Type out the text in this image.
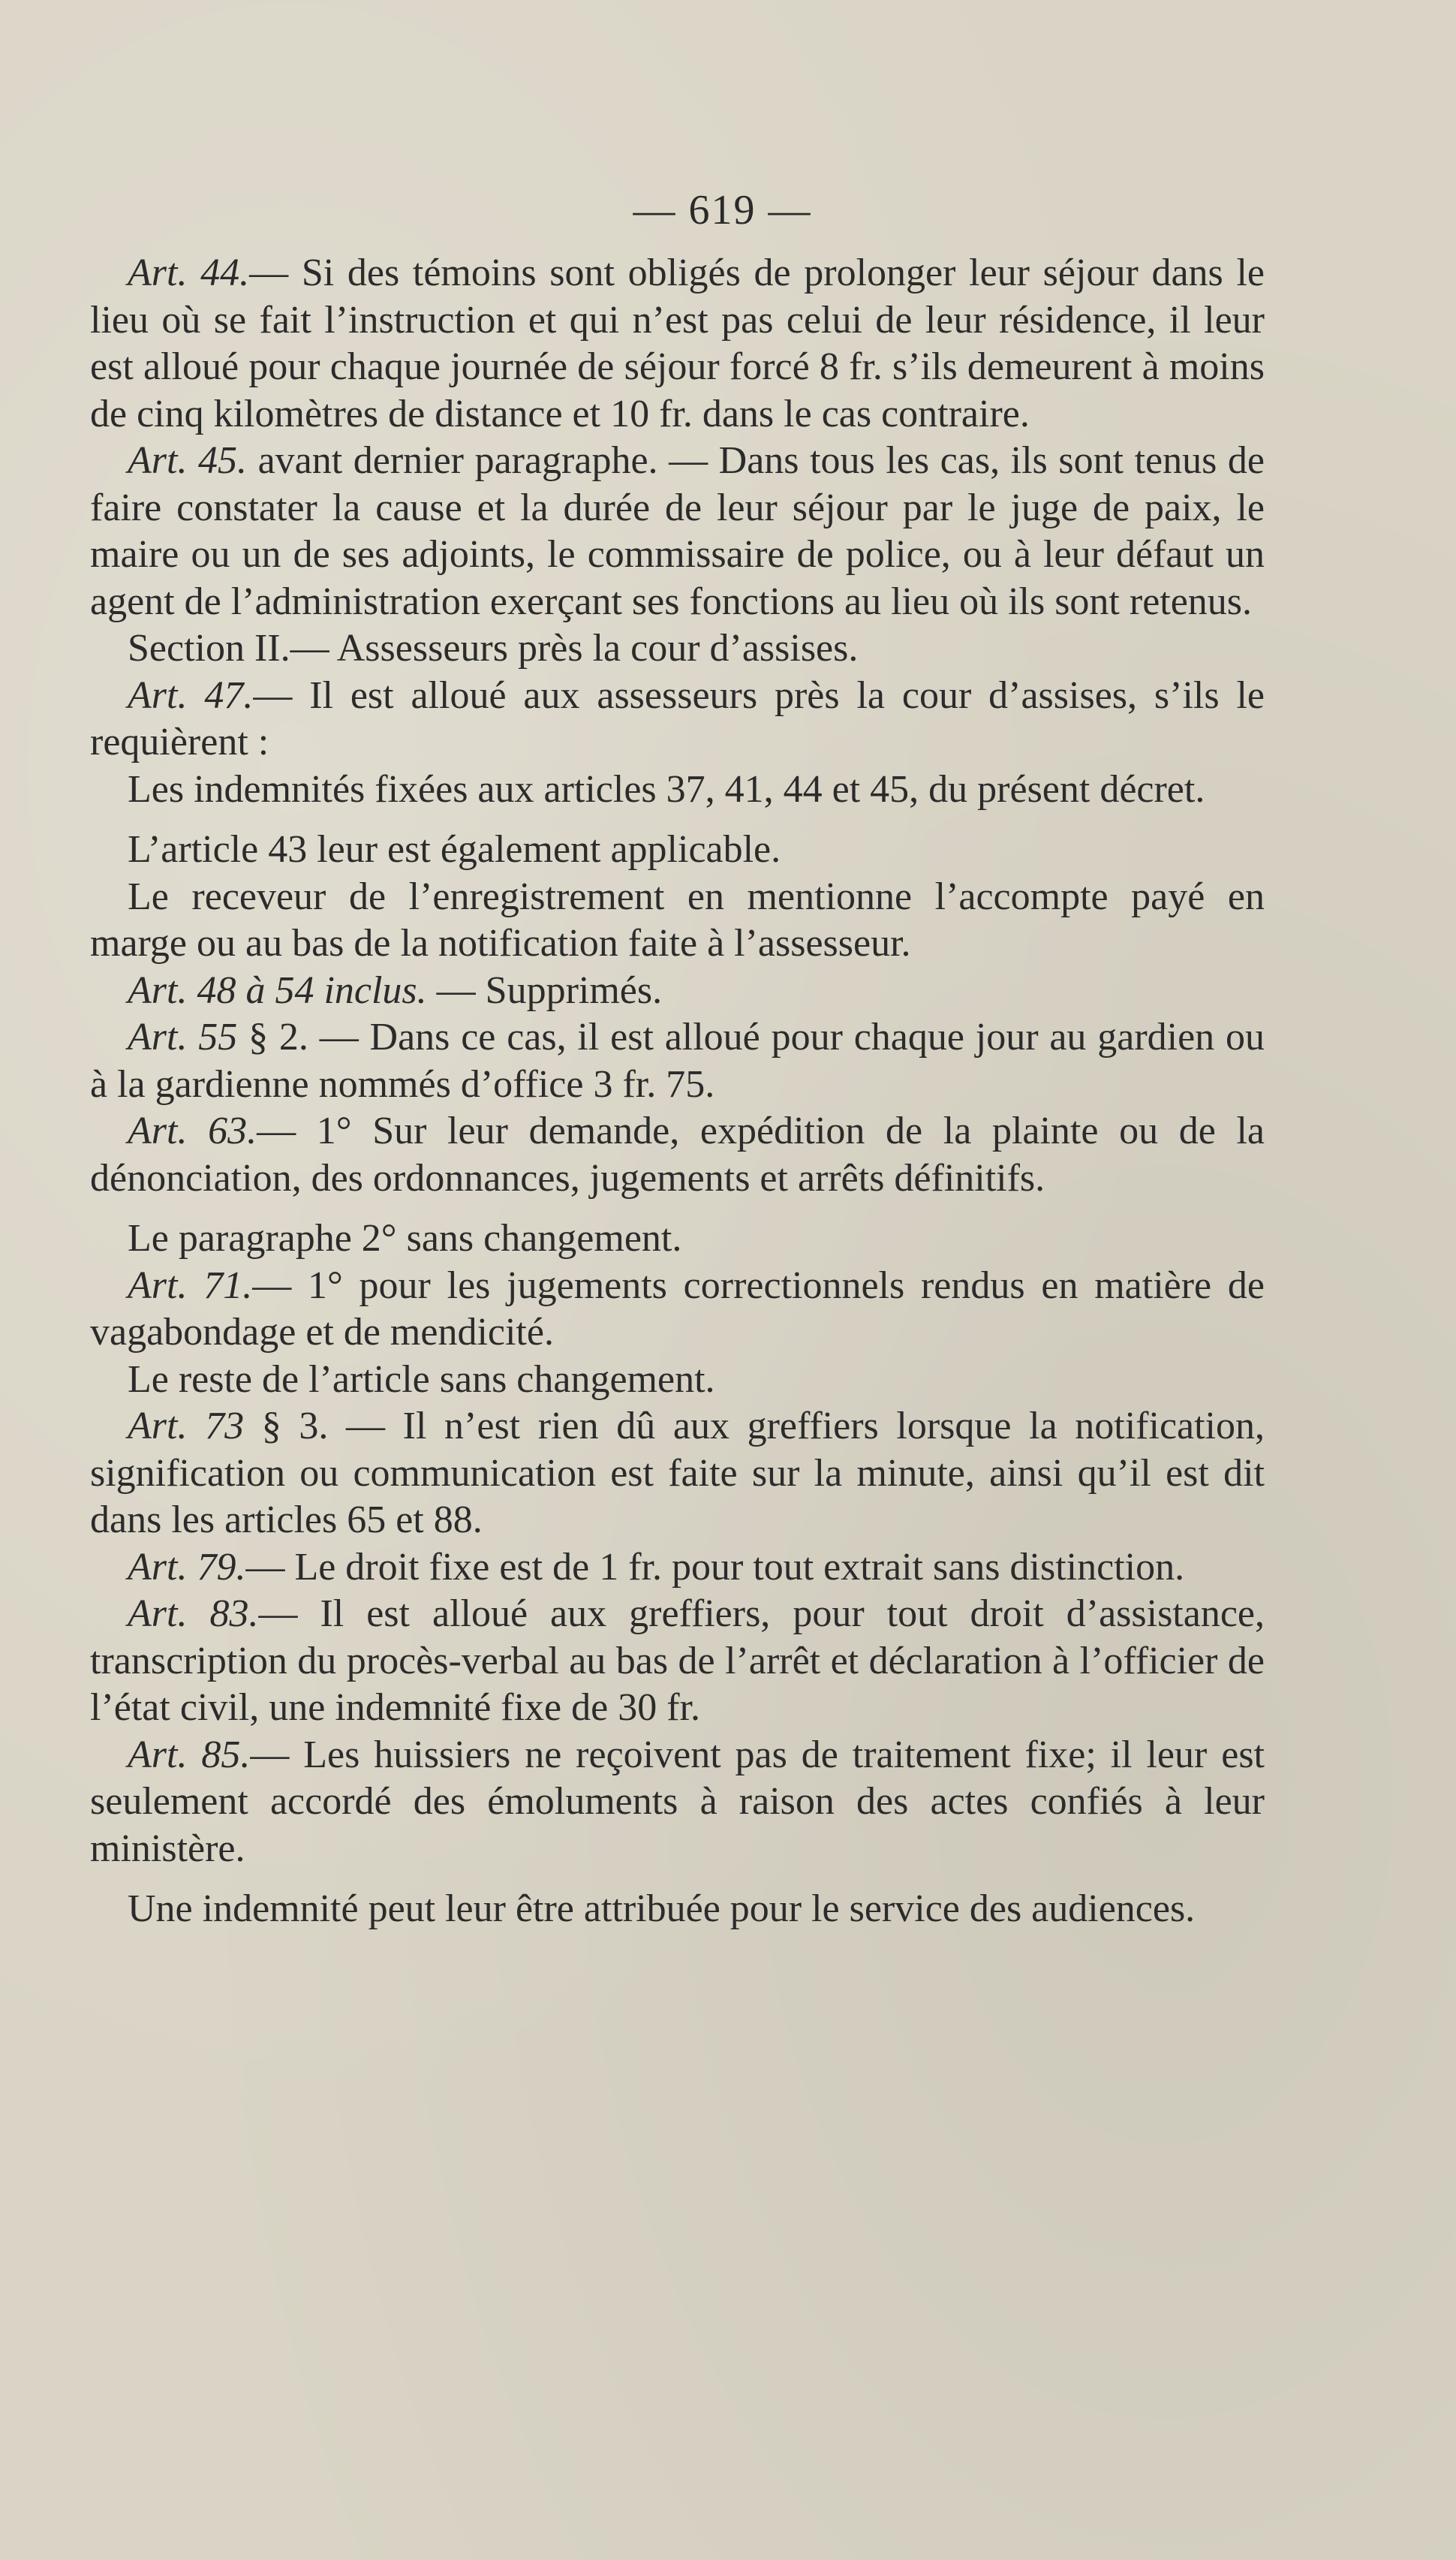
— 619 —

Art. 44.— Si des témoins sont obligés de prolonger leur séjour dans le lieu où se fait l’instruction et qui n’est pas celui de leur résidence, il leur est alloué pour chaque journée de séjour forcé 8 fr. s’ils demeurent à moins de cinq kilomètres de distance et 10 fr. dans le cas contraire.

Art. 45. avant dernier paragraphe. — Dans tous les cas, ils sont tenus de faire constater la cause et la durée de leur séjour par le juge de paix, le maire ou un de ses adjoints, le commissaire de police, ou à leur défaut un agent de l’administration exerçant ses fonctions au lieu où ils sont retenus.

Section II.— Assesseurs près la cour d’assises.

Art. 47.— Il est alloué aux assesseurs près la cour d’assises, s’ils le requièrent :

Les indemnités fixées aux articles 37, 41, 44 et 45, du présent décret.

L’article 43 leur est également applicable.

Le receveur de l’enregistrement en mentionne l’accompte payé en marge ou au bas de la notification faite à l’assesseur.

Art. 48 à 54 inclus. — Supprimés.

Art. 55 § 2. — Dans ce cas, il est alloué pour chaque jour au gardien ou à la gardienne nommés d’office 3 fr. 75.

Art. 63.— 1° Sur leur demande, expédition de la plainte ou de la dénonciation, des ordonnances, jugements et arrêts définitifs.

Le paragraphe 2° sans changement.

Art. 71.— 1° pour les jugements correctionnels rendus en matière de vagabondage et de mendicité.

Le reste de l’article sans changement.

Art. 73 § 3. — Il n’est rien dû aux greffiers lorsque la notification, signification ou communication est faite sur la minute, ainsi qu’il est dit dans les articles 65 et 88.

Art. 79.— Le droit fixe est de 1 fr. pour tout extrait sans distinction.

Art. 83.— Il est alloué aux greffiers, pour tout droit d’assistance, transcription du procès-verbal au bas de l’arrêt et déclaration à l’officier de l’état civil, une indemnité fixe de 30 fr.

Art. 85.— Les huissiers ne reçoivent pas de traitement fixe; il leur est seulement accordé des émoluments à raison des actes confiés à leur ministère.

Une indemnité peut leur être attribuée pour le service des audiences.
